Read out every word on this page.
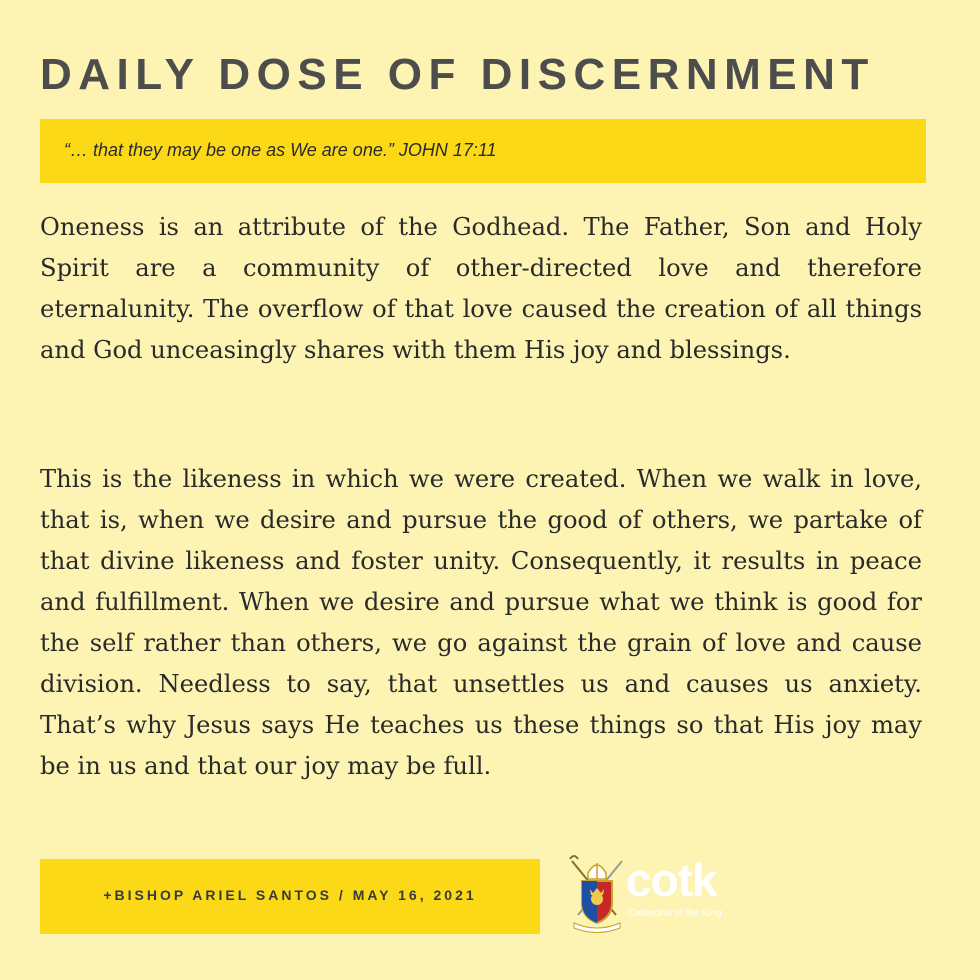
DAILY DOSE OF DISCERNMENT
“… that they may be one as We are one.” JOHN 17:11

Oneness is an attribute of the Godhead. The Father, Son and Holy Spirit are a community of other-directed love and therefore eternalunity. The overflow of that love caused the creation of all things and God unceasingly shares with them His joy and blessings.

This is the likeness in which we were created. When we walk in love, that is, when we desire and pursue the good of others, we partake of that divine likeness and foster unity. Consequently, it results in peace and fulfillment. When we desire and pursue what we think is good for the self rather than others, we go against the grain of love and cause division. Needless to say, that unsettles us and causes us anxiety. That’s why Jesus says He teaches us these things so that His joy may be in us and that our joy may be full.

+BISHOP ARIEL SANTOS / MAY 16, 2021	cotk
Cathedral of the King
